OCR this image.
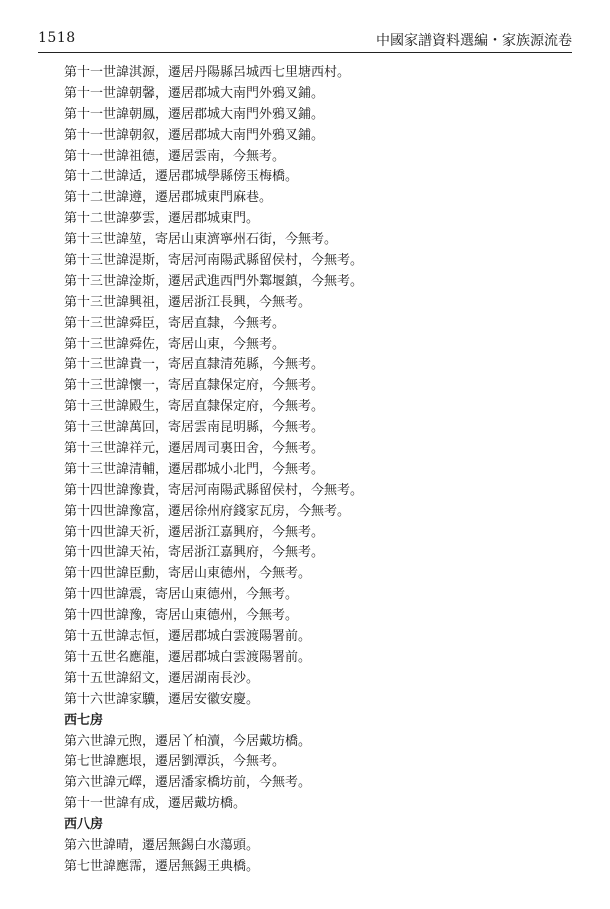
1518	中國家譜資料選編・家族源流卷
第十一世諱淇源，遷居丹陽縣呂城西七里塘西村。
第十一世諱朝馨，遷居郡城大南門外鴉叉鋪。
第十一世諱朝鳳，遷居郡城大南門外鴉叉鋪。
第十一世諱朝叙，遷居郡城大南門外鴉叉鋪。
第十一世諱祖德，遷居雲南，今無考。
第十二世諱适，遷居郡城學縣傍玉梅橋。
第十二世諱遵，遷居郡城東門麻巷。
第十二世諱夢雲，遷居郡城東門。
第十三世諱堃，寄居山東濟寧州石街，今無考。
第十三世諱湜斯，寄居河南陽武縣留侯村，今無考。
第十三世諱淦斯，遷居武進西門外鄴堰鎮，今無考。
第十三世諱興祖，遷居浙江長興，今無考。
第十三世諱舜臣，寄居直隸，今無考。
第十三世諱舜佐，寄居山東，今無考。
第十三世諱貴一，寄居直隸清苑縣，今無考。
第十三世諱懷一，寄居直隸保定府，今無考。
第十三世諱殿生，寄居直隸保定府，今無考。
第十三世諱萬回，寄居雲南昆明縣，今無考。
第十三世諱祥元，遷居周司裏田舍，今無考。
第十三世諱清輔，遷居郡城小北門，今無考。
第十四世諱豫貴，寄居河南陽武縣留侯村，今無考。
第十四世諱豫富，遷居徐州府錢家瓦房，今無考。
第十四世諱天祈，遷居浙江嘉興府，今無考。
第十四世諱天祐，寄居浙江嘉興府，今無考。
第十四世諱臣勳，寄居山東德州，今無考。
第十四世諱震，寄居山東德州，今無考。
第十四世諱豫，寄居山東德州，今無考。
第十五世諱志恒，遷居郡城白雲渡陽署前。
第十五世名應龍，遷居郡城白雲渡陽署前。
第十五世諱紹文，遷居湖南長沙。
第十六世諱家驥，遷居安徽安慶。
西七房
第六世諱元煦，遷居丫柏瀆，今居戴坊橋。
第七世諱應垠，遷居劉潭浜，今無考。
第六世諱元嶧，遷居潘家橋坊前，今無考。
第十一世諱有成，遷居戴坊橋。
西八房
第六世諱晴，遷居無錫白水蕩頭。
第七世諱應霈，遷居無錫王典橋。
